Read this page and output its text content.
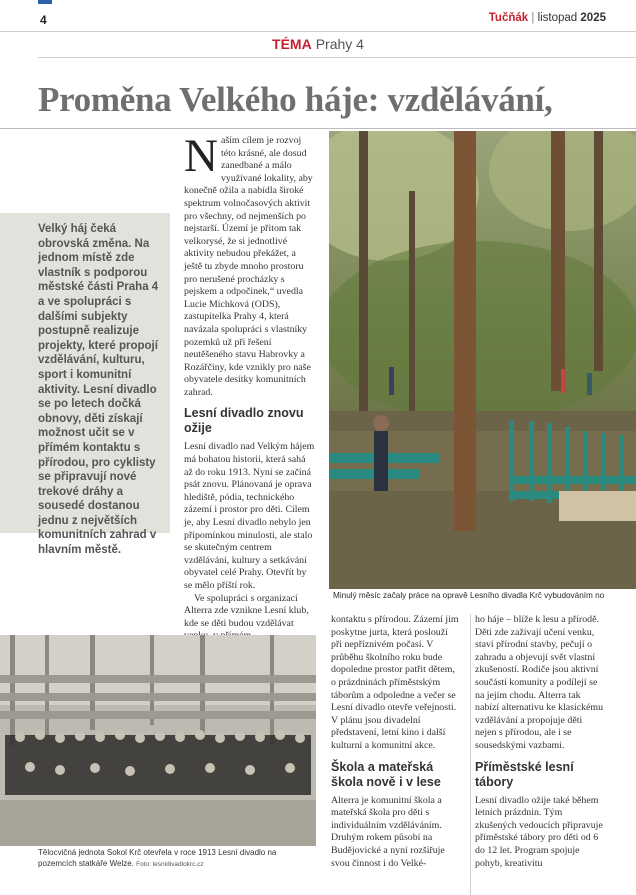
4	Tučňák | listopad 2025
TÉMA Prahy 4
Proměna Velkého háje: vzdělávání,
Velký háj čeká obrovská změna. Na jednom místě zde vlastník s podporou městské části Praha 4 a ve spolupráci s dalšími subjekty postupně realizuje projekty, které propojí vzdělávání, kulturu, sport i komunitní aktivity. Lesní divadlo se po letech dočká obnovy, děti získají možnost učit se v přímém kontaktu s přírodou, pro cyklisty se připravují nové trekové dráhy a sousedé dostanou jednu z největších komunitních zahrad v hlavním městě.
N aším cílem je rozvoj této krásné, ale dosud zanedbané a málo využívané lokality, aby konečně ožila a nabídla široké spektrum volnočasových aktivit pro všechny, od nejmenších po nejstarší. Území je přitom tak velkorysé, že si jednotlivé aktivity nebudou překážet, a ještě tu zbyde mnoho prostoru pro nerušené procházky s pejskem a odpočinek,“ uvedla Lucie Michková (ODS), zastupitelka Prahy 4, která navázala spolupráci s vlastníky pozemků už při řešení neutěšeného stavu Habrovky a Rozářčiny, kde vznikly pro naše obyvatele desítky komunitních zahrad.

Lesní divadlo znovu ožije

Lesní divadlo nad Velkým hájem má bohatou historii, která sahá až do roku 1913. Nyní se začíná psát znovu. Plánovaná je oprava hlediště, pódia, technického zázemí i prostor pro děti. Cílem je, aby Lesní divadlo nebylo jen připomínkou minulosti, ale stalo se skutečným centrem vzdělávání, kultury a setkávání obyvatel celé Prahy. Otevřít by se mělo příští rok.

Ve spolupráci s organizací Alterra zde vznikne Lesní klub, kde se děti budou vzdělávat

Minulý měsíc začaly práce na opravě Lesního divadla Krč vybudováním no
Tělocvičná jednota Sokol Krč otevřela v roce 1913 Lesní divadlo na pozemcích statkáře Welze. Foto: lesnidivadlokrc.cz

kontaktu s přírodou. Zázemí jim poskytne jurta, která poslouží při nepříznivém počasí. V průběhu školního roku bude dopoledne prostor patřit dětem, o prázdninách příměstským táborům a odpoledne a večer se Lesní divadlo otevře veřejnosti. V plánu jsou divadelní představení, letní kino i další kulturní a komunitní akce.

Škola a mateřská škola nově i v lese

Alterra je komunitní škola a mateřská škola pro děti s individuálním vzděláváním. Druhým rokem působí na Budějovické a nyní rozšiřuje svou činnost i do Velké-

ho háje – blíže k lesu a přírodě. Děti zde zažívají učení venku, staví přírodní stavby, pečují o zahradu a objevují svět vlastní zkušeností. Rodiče jsou aktivní součástí komunity a podílejí se na jejím chodu. Alterra tak nabízí alternativu ke klasickému vzdělávání a propojuje děti nejen s přírodou, ale i se sousedskými vazbami.

Příměstské lesní tábory

Lesní divadlo ožije také během letních prázdnin. Tým zkušených vedoucích připravuje příměstské tábory pro děti od 6 do 12 let. Program spojuje pohyb, kreativitu
